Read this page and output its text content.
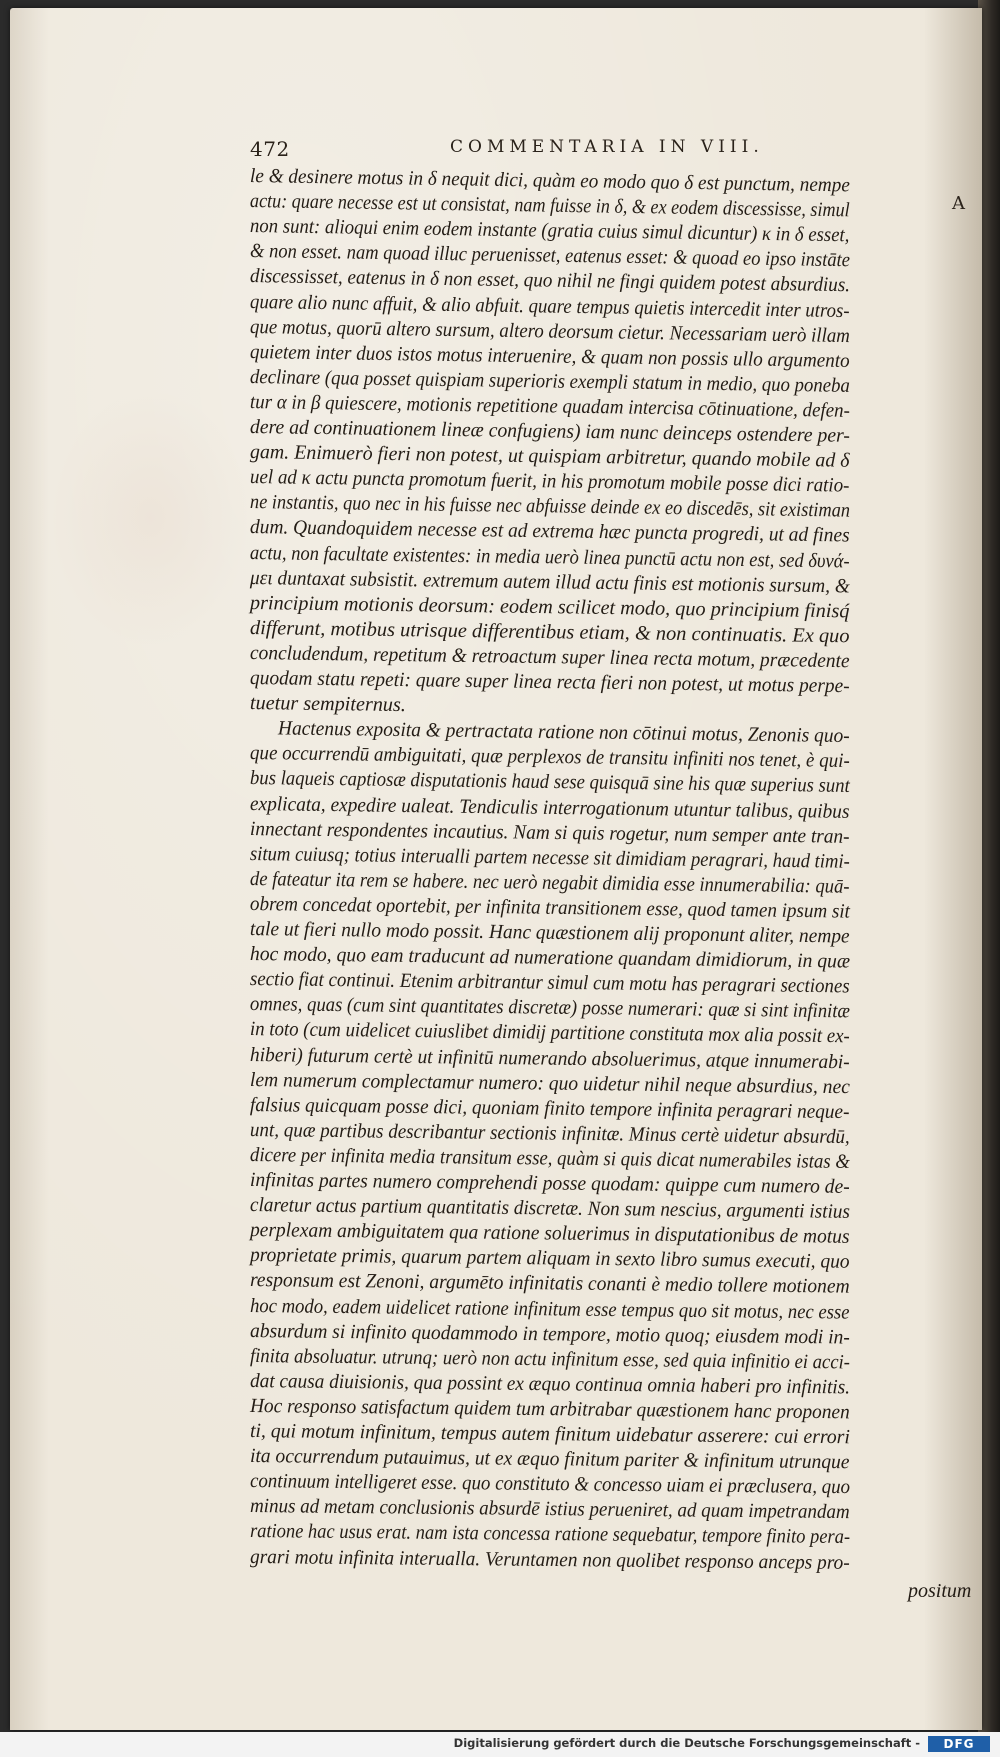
472	COMMENTARIA IN VIII.
A
le & desinere motus in δ nequit dici, quàm eo modo quo δ est punctum, nempe
actu: quare necesse est ut consistat, nam fuisse in δ, & ex eodem discessisse, simul
non sunt: alioqui enim eodem instante (gratia cuius simul dicuntur) κ in δ esset,
& non esset. nam quoad illuc peruenisset, eatenus esset: & quoad eo ipso instāte
discessisset, eatenus in δ non esset, quo nihil ne fingi quidem potest absurdius.
quare alio nunc affuit, & alio abfuit. quare tempus quietis intercedit inter utros-
que motus, quorū altero sursum, altero deorsum cietur. Necessariam uerò illam
quietem inter duos istos motus interuenire, & quam non possis ullo argumento
declinare (qua posset quispiam superioris exempli statum in medio, quo poneba
tur α in β quiescere, motionis repetitione quadam intercisa cōtinuatione, defen-
dere ad continuationem lineæ confugiens) iam nunc deinceps ostendere per-
gam. Enimuerò fieri non potest, ut quispiam arbitretur, quando mobile ad δ
uel ad κ actu puncta promotum fuerit, in his promotum mobile posse dici ratio-
ne instantis, quo nec in his fuisse nec abfuisse deinde ex eo discedēs, sit existiman
dum. Quandoquidem necesse est ad extrema hæc puncta progredi, ut ad fines
actu, non facultate existentes: in media uerò linea punctū actu non est, sed δυνά-
μει duntaxat subsistit. extremum autem illud actu finis est motionis sursum, &
principium motionis deorsum: eodem scilicet modo, quo principium finisq́
differunt, motibus utrisque differentibus etiam, & non continuatis. Ex quo
concludendum, repetitum & retroactum super linea recta motum, præcedente
quodam statu repeti: quare super linea recta fieri non potest, ut motus perpe-
tuetur sempiternus.
Hactenus exposita & pertractata ratione non cōtinui motus, Zenonis quo-
que occurrendū ambiguitati, quæ perplexos de transitu infiniti nos tenet, è qui-
bus laqueis captiosæ disputationis haud sese quisquā sine his quæ superius sunt
explicata, expedire ualeat. Tendiculis interrogationum utuntur talibus, quibus
innectant respondentes incautius. Nam si quis rogetur, num semper ante tran-
situm cuiusq; totius interualli partem necesse sit dimidiam peragrari, haud timi-
de fateatur ita rem se habere. nec uerò negabit dimidia esse innumerabilia: quā-
obrem concedat oportebit, per infinita transitionem esse, quod tamen ipsum sit
tale ut fieri nullo modo possit. Hanc quæstionem alij proponunt aliter, nempe
hoc modo, quo eam traducunt ad numeratione quandam dimidiorum, in quæ
sectio fiat continui. Etenim arbitrantur simul cum motu has peragrari sectiones
omnes, quas (cum sint quantitates discretæ) posse numerari: quæ si sint infinitæ
in toto (cum uidelicet cuiuslibet dimidij partitione constituta mox alia possit ex-
hiberi) futurum certè ut infinitū numerando absoluerimus, atque innumerabi-
lem numerum complectamur numero: quo uidetur nihil neque absurdius, nec
falsius quicquam posse dici, quoniam finito tempore infinita peragrari neque-
unt, quæ partibus describantur sectionis infinitæ. Minus certè uidetur absurdū,
dicere per infinita media transitum esse, quàm si quis dicat numerabiles istas &
infinitas partes numero comprehendi posse quodam: quippe cum numero de-
claretur actus partium quantitatis discretæ. Non sum nescius, argumenti istius
perplexam ambiguitatem qua ratione soluerimus in disputationibus de motus
proprietate primis, quarum partem aliquam in sexto libro sumus executi, quo
responsum est Zenoni, argumēto infinitatis conanti è medio tollere motionem
hoc modo, eadem uidelicet ratione infinitum esse tempus quo sit motus, nec esse
absurdum si infinito quodammodo in tempore, motio quoq; eiusdem modi in-
finita absoluatur. utrunq; uerò non actu infinitum esse, sed quia infinitio ei acci-
dat causa diuisionis, qua possint ex æquo continua omnia haberi pro infinitis.
Hoc responso satisfactum quidem tum arbitrabar quæstionem hanc proponen
ti, qui motum infinitum, tempus autem finitum uidebatur asserere: cui errori
ita occurrendum putauimus, ut ex æquo finitum pariter & infinitum utrunque
continuum intelligeret esse. quo constituto & concesso uiam ei præclusera, quo
minus ad metam conclusionis absurdē istius perueniret, ad quam impetrandam
ratione hac usus erat. nam ista concessa ratione sequebatur, tempore finito pera-
grari motu infinita interualla. Veruntamen non quolibet responso anceps pro-
positum
Digitalisierung gefördert durch die Deutsche Forschungsgemeinschaft -	DFG
